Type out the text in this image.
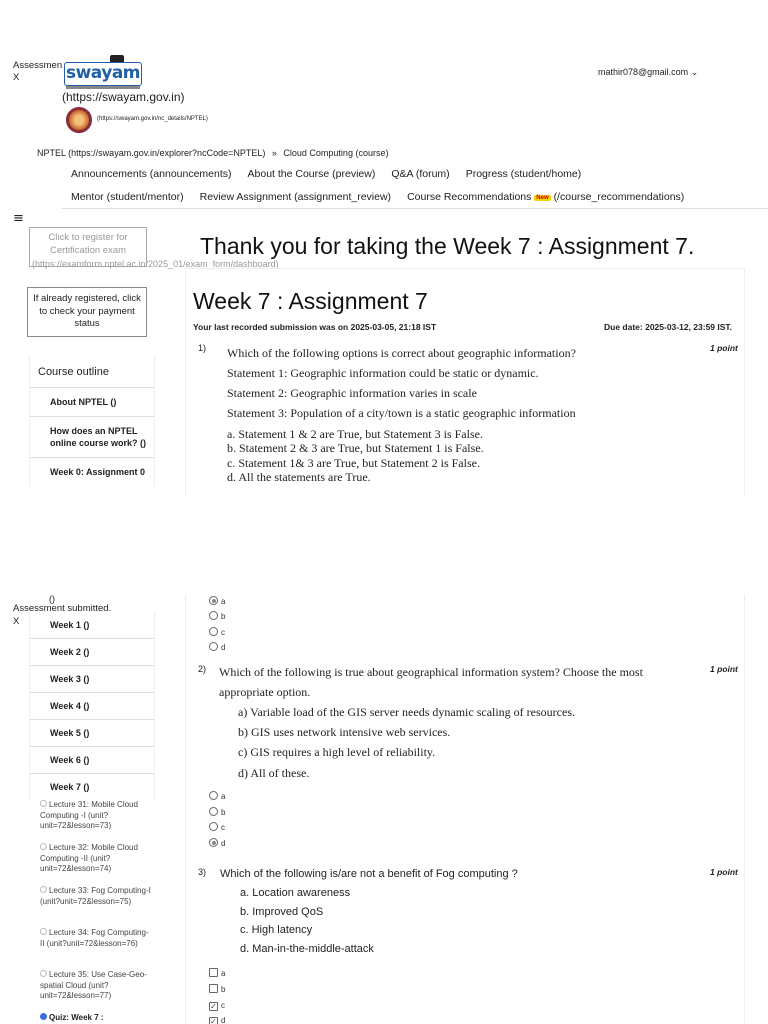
Assessmen
X	swayam
(https://swayam.gov.in)
(https://swayam.gov.in/nc_details/NPTEL)
mathir078@gmail.com ⌄
NPTEL (https://swayam.gov.in/explorer?ncCode=NPTEL) » Cloud Computing (course)
Announcements (announcements) About the Course (preview) Q&A (forum) Progress (student/home)
Mentor (student/mentor) Review Assignment (assignment_review) Course Recommendations New (/course_recommendations)
≡
Click to register for Certification exam
(https://examform.nptel.ac.in/2025_01/exam_form/dashboard)
If already registered, click to check your payment status
Course outline
About NPTEL ()
How does an NPTEL online course work? ()
Week 0: Assignment 0
()
Assessment submitted.
X	Week 1 ()
Week 2 ()
Week 3 ()
Week 4 ()
Week 5 ()
Week 6 ()
Week 7 ()
Lecture 31: Mobile Cloud Computing -I (unit?unit=72&lesson=73)
Lecture 32: Mobile Cloud Computing -II (unit?unit=72&lesson=74)
Lecture 33: Fog Computing-I (unit?unit=72&lesson=75)
Lecture 34: Fog Computing-II (unit?unit=72&lesson=76)
Lecture 35: Use Case-Geo-spatial Cloud (unit?unit=72&lesson=77)
Quiz: Week 7 :
Thank you for taking the Week 7 : Assignment 7.
Week 7 : Assignment 7
Your last recorded submission was on 2025-03-05, 21:18 IST	Due date: 2025-03-12, 23:59 IST.
1)	1 point
Which of the following options is correct about geographic information?
Statement 1: Geographic information could be static or dynamic.
Statement 2: Geographic information varies in scale
Statement 3: Population of a city/town is a static geographic information
a. Statement 1 & 2 are True, but Statement 3 is False.
b. Statement 2 & 3 are True, but Statement 1 is False.
c. Statement 1& 3 are True, but Statement 2 is False.
d. All the statements are True.
a
b
c
d
2)	1 point
Which of the following is true about geographical information system? Choose the most
appropriate option.
a) Variable load of the GIS server needs dynamic scaling of resources.
b) GIS uses network intensive web services.
c) GIS requires a high level of reliability.
d) All of these.
a
b
c
d
3)	1 point
Which of the following is/are not a benefit of Fog computing ?
a. Location awareness
b. Improved QoS
c. High latency
d. Man-in-the-middle-attack
a
b
✓ c
✓ d
